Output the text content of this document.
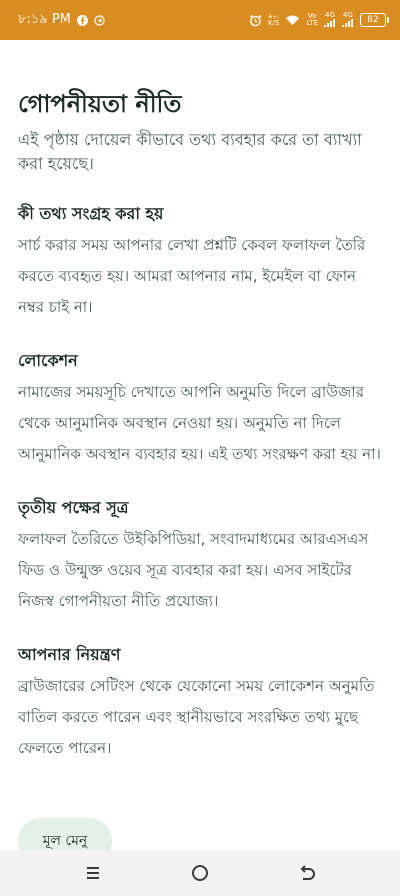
৮:১৯ PM	৯০.
K/S
Vo
LTE
4G 4G

82
গোপনীয়তা নীতি

এই পৃষ্ঠায় দোয়েল কীভাবে তথ্য ব্যবহার করে তা ব্যাখ্যা করা হয়েছে।

কী তথ্য সংগ্রহ করা হয়

সার্চ করার সময় আপনার লেখা প্রশ্নটি কেবল ফলাফল তৈরি করতে ব্যবহৃত হয়। আমরা আপনার নাম, ইমেইল বা ফোন নম্বর চাই না।

লোকেশন

নামাজের সময়সূচি দেখাতে আপনি অনুমতি দিলে ব্রাউজার থেকে আনুমানিক অবস্থান নেওয়া হয়। অনুমতি না দিলে আনুমানিক অবস্থান ব্যবহার হয়। এই তথ্য সংরক্ষণ করা হয় না।

তৃতীয় পক্ষের সূত্র

ফলাফল তৈরিতে উইকিপিডিয়া, সংবাদমাধ্যমের আরএসএস ফিড ও উন্মুক্ত ওয়েব সূত্র ব্যবহার করা হয়। এসব সাইটের নিজস্ব গোপনীয়তা নীতি প্রযোজ্য।

আপনার নিয়ন্ত্রণ

ব্রাউজারের সেটিংস থেকে যেকোনো সময় লোকেশন অনুমতি বাতিল করতে পারেন এবং স্থানীয়ভাবে সংরক্ষিত তথ্য মুছে ফেলতে পারেন।

মূল মেনু
